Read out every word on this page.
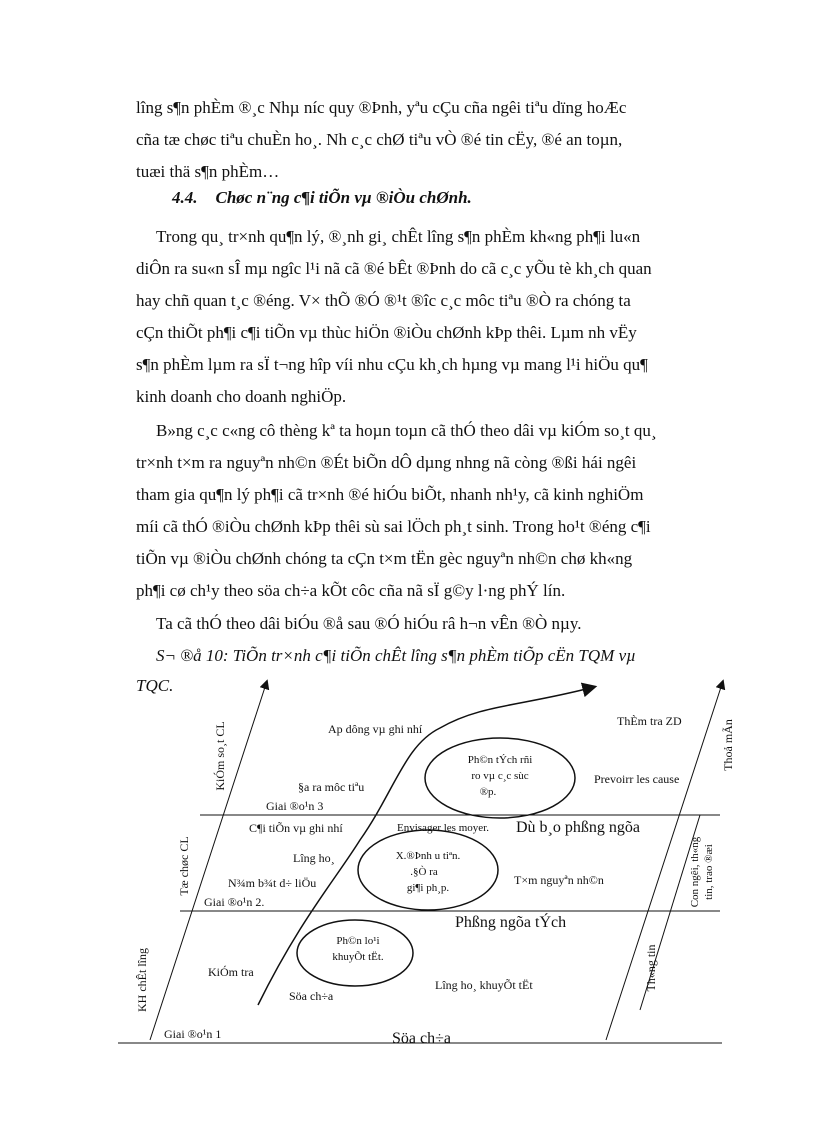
lîng s¶n phÈm ®¸c Nhµ níc quy ®Þnh, yªu cÇu cña ngêi tiªu dïng hoÆc
cña tæ chøc tiªu chuÈn ho¸. Nh c¸c chØ tiªu vÒ ®é tin cËy, ®é an toµn,
tuæi thä s¶n phÈm…
4.4. Chøc n¨ng c¶i tiÕn vµ ®iÒu chØnh.
Trong qu¸ tr×nh qu¶n lý, ®¸nh gi¸ chÊt lîng s¶n phÈm kh«ng ph¶i lu«n
diÔn ra su«n sÎ mµ ngîc l¹i nã cã ®é bÊt ®Þnh do cã c¸c yÕu tè kh¸ch quan
hay chñ quan t¸c ®éng. V× thÕ ®Ó ®¹t ®îc c¸c môc tiªu ®Ò ra chóng ta
cÇn thiÕt ph¶i c¶i tiÕn vµ thùc hiÖn ®iÒu chØnh kÞp thêi. Lµm nh vËy
s¶n phÈm lµm ra sÏ t¬ng hîp víi nhu cÇu kh¸ch hµng vµ mang l¹i hiÖu qu¶
kinh doanh cho doanh nghiÖp.
B»ng c¸c c«ng cô thèng kª ta hoµn toµn cã thÓ theo dâi vµ kiÓm so¸t qu¸
tr×nh t×m ra nguyªn nh©n ®Ét biÕn dÔ dµng nhng nã còng ®ßi hái ngêi
tham gia qu¶n lý ph¶i cã tr×nh ®é hiÓu biÕt, nhanh nh¹y, cã kinh nghiÖm
míi cã thÓ ®iÒu chØnh kÞp thêi sù sai lÖch ph¸t sinh. Trong ho¹t ®éng c¶i
tiÕn vµ ®iÒu chØnh chóng ta cÇn t×m tËn gèc nguyªn nh©n chø kh«ng
ph¶i cø ch¹y theo söa ch÷a kÕt côc cña nã sÏ g©y l·ng phÝ lín.
Ta cã thÓ theo dâi biÓu ®å sau ®Ó hiÓu râ h¬n vÊn ®Ò nµy.
S¬ ®å 10: TiÕn tr×nh c¶i tiÕn chÊt lîng s¶n phÈm tiÕp cËn TQM vµ
TQC.
KiÓm so¸t CL
Tæ chøc CL
KH chÊt lîng
Thoả mÃn
Con ngêi, th«ng tin, trao ®æi
Th«ng tin
Giai ®o¹n 3
Giai ®o¹n 2.
Giai ®o¹n 1
Dù b¸o phßng ngõa
Phßng ngõa tÝch
Söa ch÷a
Ap dông vµ ghi nhí
ThÈm tra ZD
§a ra môc tiªu
Prevoirr les cause
C¶i tiÕn vµ ghi nhí	Envisager les moyer.
Lîng ho¸
N¾m b¾t d÷ liÖu	T×m nguyªn nh©n
KiÓm tra
Söa ch÷a
Lîng ho¸ khuyÕt tËt
Ph©n tÝch rñi
ro vµ c¸c sùc
®p.
X.®Þnh u tiªn.
.§Ò ra
gi¶i ph¸p.
Ph©n lo¹i
khuyÕt tËt.
